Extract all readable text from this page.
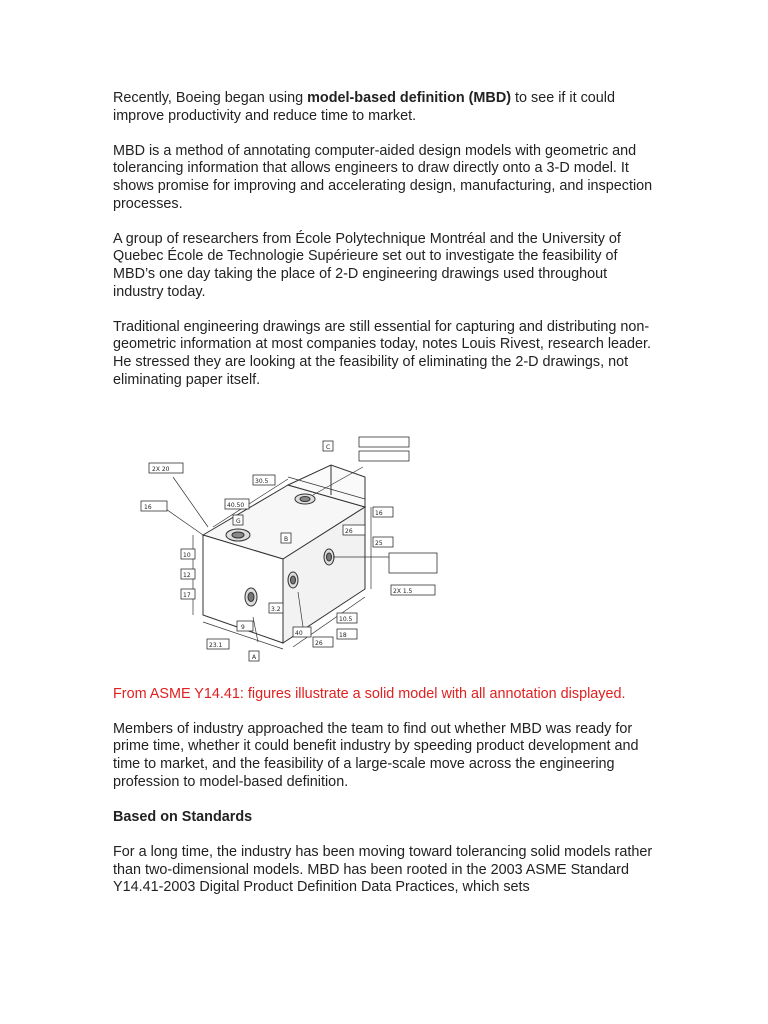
Recently, Boeing began using model-based definition (MBD) to see if it could improve productivity and reduce time to market.

MBD is a method of annotating computer-aided design models with geometric and tolerancing information that allows engineers to draw directly onto a 3-D model. It shows promise for improving and accelerating design, manufacturing, and inspection processes.

A group of researchers from École Polytechnique Montréal and the University of Quebec École de Technologie Supérieure set out to investigate the feasibility of MBD’s one day taking the place of 2-D engineering drawings used throughout industry today.

Traditional engineering drawings are still essential for capturing and distributing non-geometric information at most companies today, notes Louis Rivest, research leader. He stressed they are looking at the feasibility of eliminating the 2-D drawings, not eliminating paper itself.

2X 20
16
10
12
17
40.50
30.5
26
16
25
2X 1.5
23.1
40
26
18
10.5
9
3.2
A
B
C
G

From ASME Y14.41: figures illustrate a solid model with all annotation displayed.

Members of industry approached the team to find out whether MBD was ready for prime time, whether it could benefit industry by speeding product development and time to market, and the feasibility of a large-scale move across the engineering profession to model-based definition.

Based on Standards

For a long time, the industry has been moving toward tolerancing solid models rather than two-dimensional models. MBD has been rooted in the 2003 ASME Standard Y14.41-2003 Digital Product Definition Data Practices, which sets
